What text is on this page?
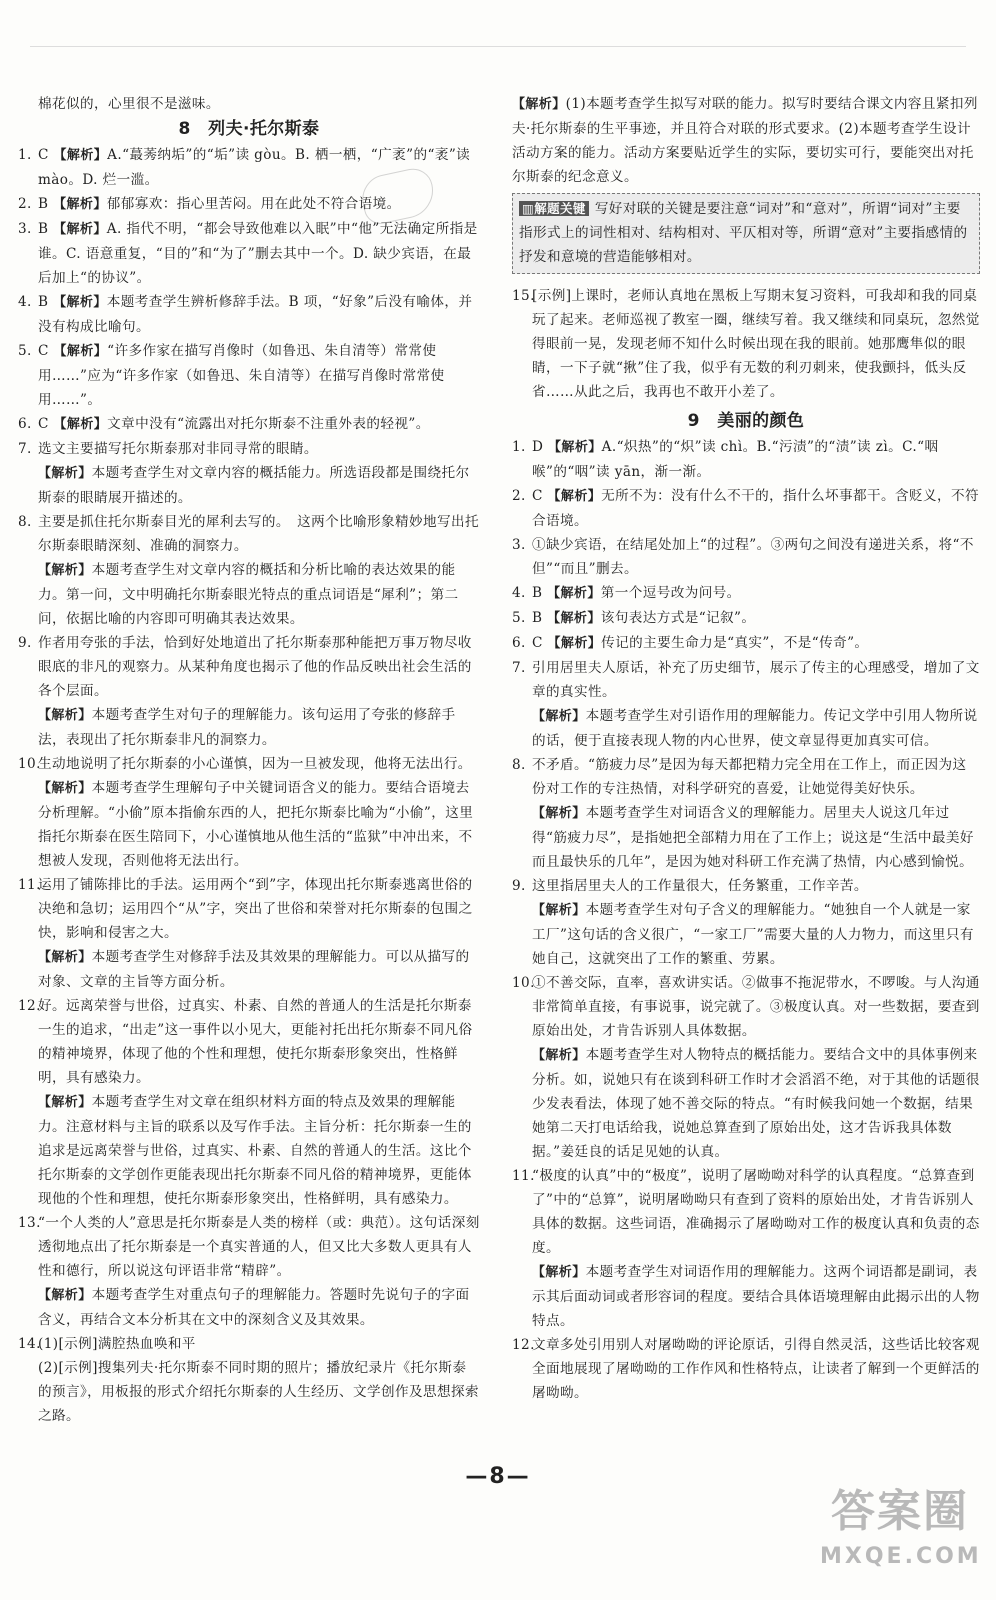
棉花似的，心里很不是滋味。
8　列夫·托尔斯泰
1. C 【解析】A.“蕞莠纳垢”的“垢”读 gòu。B. 栖一栖，“广袤”的“袤”读 mào。D. 烂一滥。
2. B 【解析】郁郁寡欢：指心里苦闷。用在此处不符合语境。
3. B 【解析】A. 指代不明，“都会导致他难以入眠”中“他”无法确定所指是谁。C. 语意重复，“目的”和“为了”删去其中一个。D. 缺少宾语，在最后加上“的协议”。
4. B 【解析】本题考查学生辨析修辞手法。B 项，“好象”后没有喻体，并没有构成比喻句。
5. C 【解析】“许多作家在描写肖像时（如鲁迅、朱自清等）常常使用……”应为“许多作家（如鲁迅、朱自清等）在描写肖像时常常使用……”。
6. C 【解析】文章中没有“流露出对托尔斯泰不注重外表的轻视”。
7. 选文主要描写托尔斯泰那对非同寻常的眼睛。
【解析】本题考查学生对文章内容的概括能力。所选语段都是围绕托尔斯泰的眼睛展开描述的。
8. 主要是抓住托尔斯泰目光的犀利去写的。　这两个比喻形象精妙地写出托尔斯泰眼睛深刻、准确的洞察力。
【解析】本题考查学生对文章内容的概括和分析比喻的表达效果的能力。第一问，文中明确托尔斯泰眼光特点的重点词语是“犀利”；第二问，依据比喻的内容即可明确其表达效果。
9. 作者用夸张的手法，恰到好处地道出了托尔斯泰那种能把万事万物尽收眼底的非凡的观察力。从某种角度也揭示了他的作品反映出社会生活的各个层面。
【解析】本题考查学生对句子的理解能力。该句运用了夸张的修辞手法，表现出了托尔斯泰非凡的洞察力。
10.
生动地说明了托尔斯泰的小心谨慎，因为一旦被发现，他将无法出行。
【解析】本题考查学生理解句子中关键词语含义的能力。要结合语境去分析理解。“小偷”原本指偷东西的人，把托尔斯泰比喻为“小偷”，这里指托尔斯泰在医生陪同下，小心谨慎地从他生活的“监狱”中冲出来，不想被人发现，否则他将无法出行。
11.
运用了铺陈排比的手法。运用两个“到”字，体现出托尔斯泰逃离世俗的决绝和急切；运用四个“从”字，突出了世俗和荣誉对托尔斯泰的包围之快，影响和侵害之大。
【解析】本题考查学生对修辞手法及其效果的理解能力。可以从描写的对象、文章的主旨等方面分析。
12.
好。远离荣誉与世俗，过真实、朴素、自然的普通人的生活是托尔斯泰一生的追求，“出走”这一事件以小见大，更能衬托出托尔斯泰不同凡俗的精神境界，体现了他的个性和理想，使托尔斯泰形象突出，性格鲜明，具有感染力。
【解析】本题考查学生对文章在组织材料方面的特点及效果的理解能力。注意材料与主旨的联系以及写作手法。主旨分析：托尔斯泰一生的追求是远离荣誉与世俗，过真实、朴素、自然的普通人的生活。这比个托尔斯泰的文学创作更能表现出托尔斯泰不同凡俗的精神境界，更能体现他的个性和理想，使托尔斯泰形象突出，性格鲜明，具有感染力。
13.
“一个人类的人”意思是托尔斯泰是人类的榜样（或：典范）。这句话深刻透彻地点出了托尔斯泰是一个真实普通的人，但又比大多数人更具有人性和德行，所以说这句评语非常“精辟”。
【解析】本题考查学生对重点句子的理解能力。答题时先说句子的字面含义，再结合文本分析其在文中的深刻含义及其效果。
14.
(1)[示例]满腔热血唤和平
(2)[示例]搜集列夫·托尔斯泰不同时期的照片；播放纪录片《托尔斯泰的预言》，用板报的形式介绍托尔斯泰的人生经历、文学创作及思想探索之路。
【解析】(1)本题考查学生拟写对联的能力。拟写时要结合课文内容且紧扣列夫·托尔斯泰的生平事迹，并且符合对联的形式要求。(2)本题考查学生设计活动方案的能力。活动方案要贴近学生的实际，要切实可行，要能突出对托尔斯泰的纪念意义。
▥解题关键 写好对联的关键是要注意“词对”和“意对”，所谓“词对”主要指形式上的词性相对、结构相对、平仄相对等，所谓“意对”主要指感情的抒发和意境的营造能够相对。
15.
[示例]上课时，老师认真地在黑板上写期末复习资料，可我却和我的同桌玩了起来。老师巡视了教室一圈，继续写着。我又继续和同桌玩，忽然觉得眼前一晃，发现老师不知什么时候出现在我的眼前。她那鹰隼似的眼睛，一下子就“揪”住了我，似乎有无数的利刃刺来，使我颤抖，低头反省……从此之后，我再也不敢开小差了。
9　美丽的颜色
1. D 【解析】A.“炽热”的“炽”读 chì。B.“污渍”的“渍”读 zì。C.“咽喉”的“咽”读 yān，渐一渐。
2. C 【解析】无所不为：没有什么不干的，指什么坏事都干。含贬义，不符合语境。
3. ①缺少宾语，在结尾处加上“的过程”。③两句之间没有递进关系，将“不但”“而且”删去。
4. B 【解析】第一个逗号改为问号。
5. B 【解析】该句表达方式是“记叙”。
6. C 【解析】传记的主要生命力是“真实”，不是“传奇”。
7. 引用居里夫人原话，补充了历史细节，展示了传主的心理感受，增加了文章的真实性。
【解析】本题考查学生对引语作用的理解能力。传记文学中引用人物所说的话，便于直接表现人物的内心世界，使文章显得更加真实可信。
8. 不矛盾。“筋疲力尽”是因为每天都把精力完全用在工作上，而正因为这份对工作的专注热情，对科学研究的喜爱，让她觉得美好快乐。
【解析】本题考查学生对词语含义的理解能力。居里夫人说这几年过得“筋疲力尽”，是指她把全部精力用在了工作上；说这是“生活中最美好而且最快乐的几年”，是因为她对科研工作充满了热情，内心感到愉悦。
9. 这里指居里夫人的工作量很大，任务繁重，工作辛苦。
【解析】本题考查学生对句子含义的理解能力。“她独自一个人就是一家工厂”这句话的含义很广，“一家工厂”需要大量的人力物力，而这里只有她自己，这就突出了工作的繁重、劳累。
10.
①不善交际，直率，喜欢讲实话。②做事不拖泥带水，不啰唆。与人沟通非常简单直接，有事说事，说完就了。③极度认真。对一些数据，要查到原始出处，才肯告诉别人具体数据。
【解析】本题考查学生对人物特点的概括能力。要结合文中的具体事例来分析。如，说她只有在谈到科研工作时才会滔滔不绝，对于其他的话题很少发表看法，体现了她不善交际的特点。“有时候我问她一个数据，结果她第二天打电话给我，说她总算查到了原始出处，这才告诉我具体数据。”姜廷良的话足见她的认真。
11.
“极度的认真”中的“极度”，说明了屠呦呦对科学的认真程度。“总算查到了”中的“总算”，说明屠呦呦只有查到了资料的原始出处，才肯告诉别人具体的数据。这些词语，准确揭示了屠呦呦对工作的极度认真和负责的态度。
【解析】本题考查学生对词语作用的理解能力。这两个词语都是副词，表示其后面动词或者形容词的程度。要结合具体语境理解由此揭示出的人物特点。
12.
文章多处引用别人对屠呦呦的评论原话，引得自然灵活，这些话比较客观全面地展现了屠呦呦的工作作风和性格特点，让读者了解到一个更鲜活的屠呦呦。
—8—
答案圈
MXQE.COM
